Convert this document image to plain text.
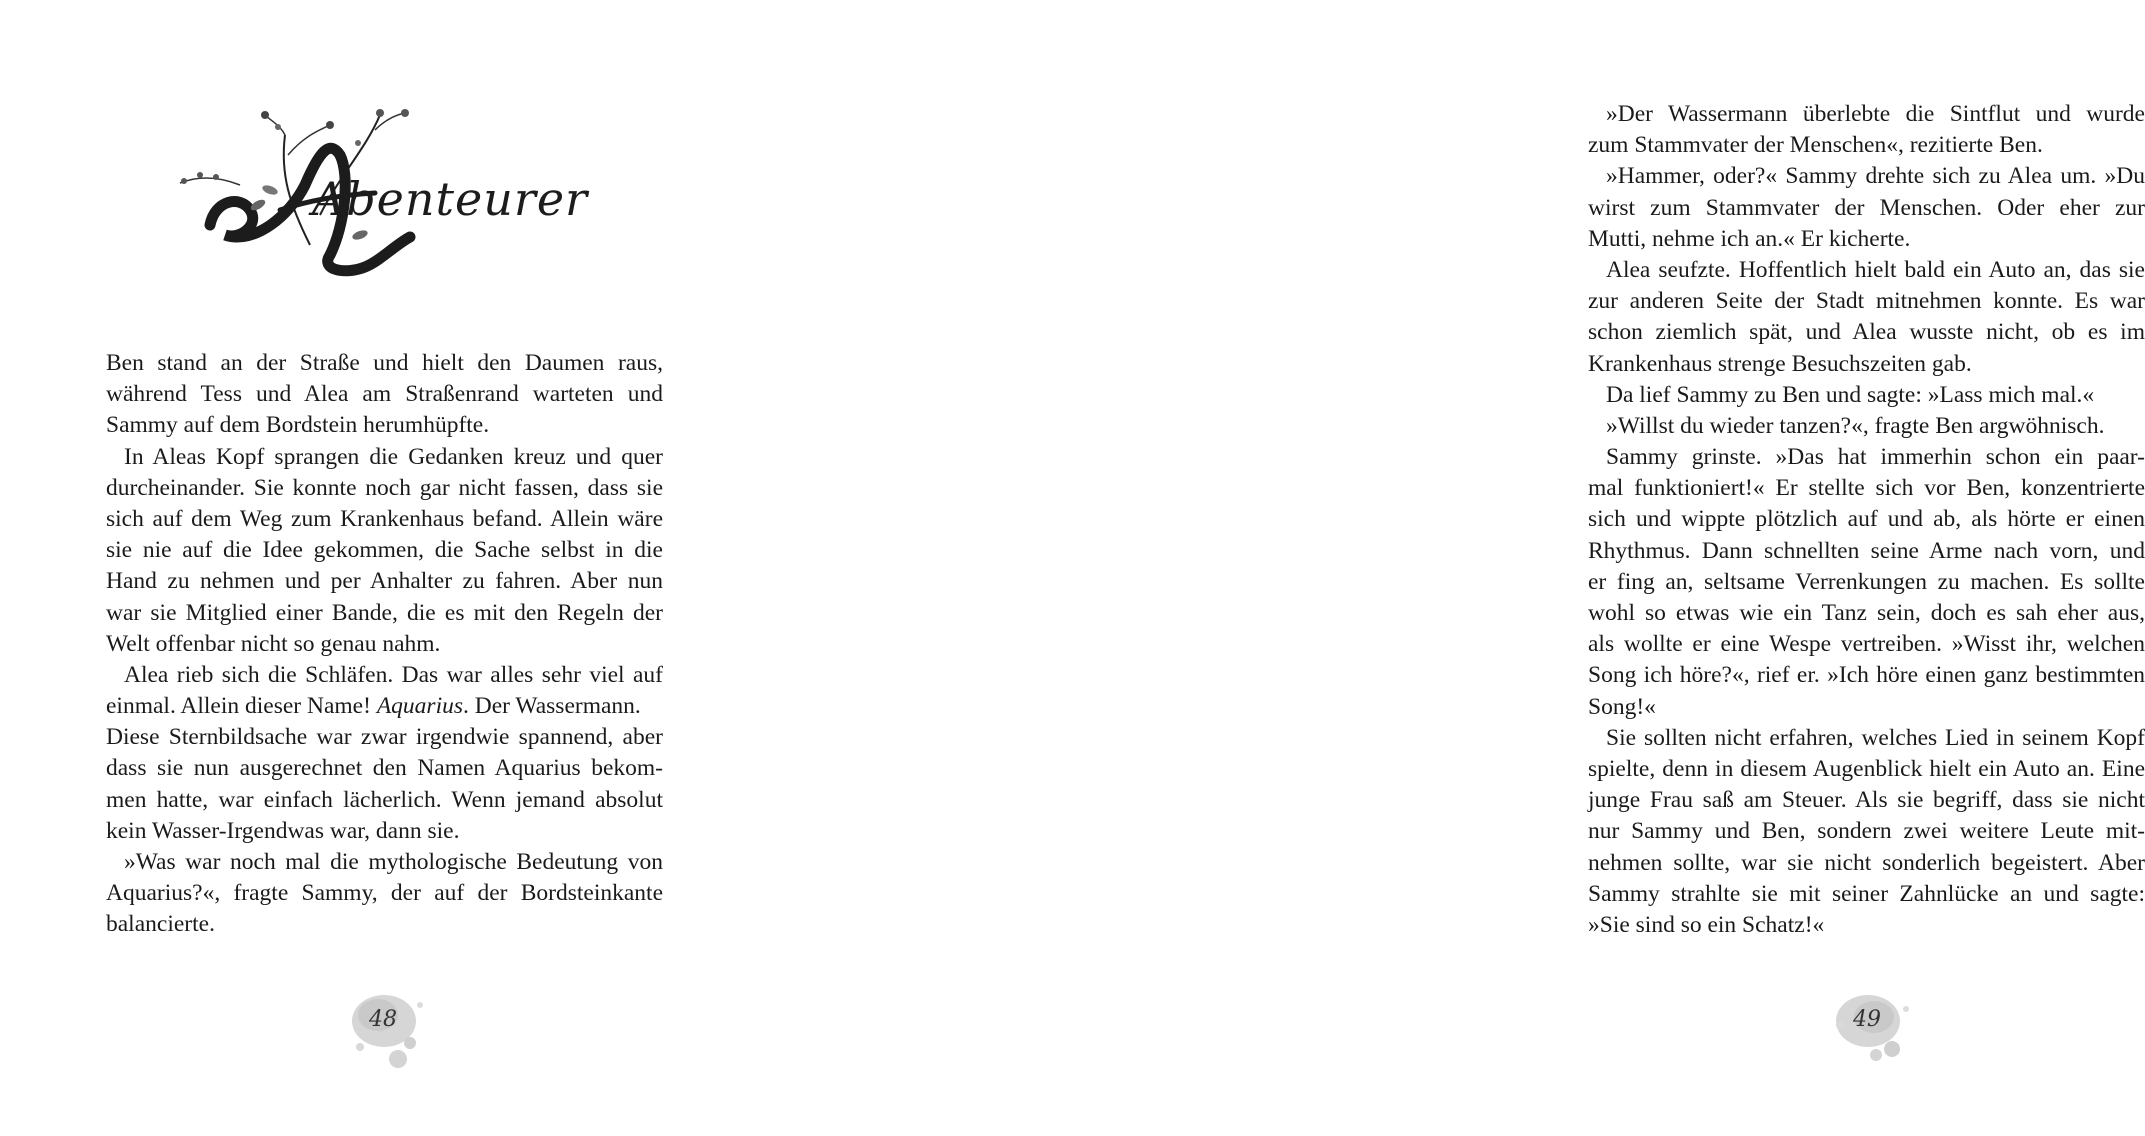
Abenteurer
Ben stand an der Straße und hielt den Daumen raus,
während Tess und Alea am Straßenrand warteten und
Sammy auf dem Bordstein herumhüpfte.
In Aleas Kopf sprangen die Gedanken kreuz und quer
durcheinander. Sie konnte noch gar nicht fassen, dass sie
sich auf dem Weg zum Krankenhaus befand. Allein wäre
sie nie auf die Idee gekommen, die Sache selbst in die
Hand zu nehmen und per Anhalter zu fahren. Aber nun
war sie Mitglied einer Bande, die es mit den Regeln der
Welt offenbar nicht so genau nahm.
Alea rieb sich die Schläfen. Das war alles sehr viel auf
einmal. Allein dieser Name! Aquarius. Der Wassermann.
Diese Sternbildsache war zwar irgendwie spannend, aber
dass sie nun ausgerechnet den Namen Aquarius bekom-
men hatte, war einfach lächerlich. Wenn jemand absolut
kein Wasser-Irgendwas war, dann sie.
»Was war noch mal die mythologische Bedeutung von
Aquarius?«, fragte Sammy, der auf der Bordsteinkante
balancierte.
48
»Der Wassermann überlebte die Sintflut und wurde
zum Stammvater der Menschen«, rezitierte Ben.
»Hammer, oder?« Sammy drehte sich zu Alea um. »Du
wirst zum Stammvater der Menschen. Oder eher zur
Mutti, nehme ich an.« Er kicherte.
Alea seufzte. Hoffentlich hielt bald ein Auto an, das sie
zur anderen Seite der Stadt mitnehmen konnte. Es war
schon ziemlich spät, und Alea wusste nicht, ob es im
Krankenhaus strenge Besuchszeiten gab.
Da lief Sammy zu Ben und sagte: »Lass mich mal.«
»Willst du wieder tanzen?«, fragte Ben argwöhnisch.
Sammy grinste. »Das hat immerhin schon ein paar-
mal funktioniert!« Er stellte sich vor Ben, konzentrierte
sich und wippte plötzlich auf und ab, als hörte er einen
Rhythmus. Dann schnellten seine Arme nach vorn, und
er fing an, seltsame Verrenkungen zu machen. Es sollte
wohl so etwas wie ein Tanz sein, doch es sah eher aus,
als wollte er eine Wespe vertreiben. »Wisst ihr, welchen
Song ich höre?«, rief er. »Ich höre einen ganz bestimmten
Song!«
Sie sollten nicht erfahren, welches Lied in seinem Kopf
spielte, denn in diesem Augenblick hielt ein Auto an. Eine
junge Frau saß am Steuer. Als sie begriff, dass sie nicht
nur Sammy und Ben, sondern zwei weitere Leute mit-
nehmen sollte, war sie nicht sonderlich begeistert. Aber
Sammy strahlte sie mit seiner Zahnlücke an und sagte:
»Sie sind so ein Schatz!«
49
